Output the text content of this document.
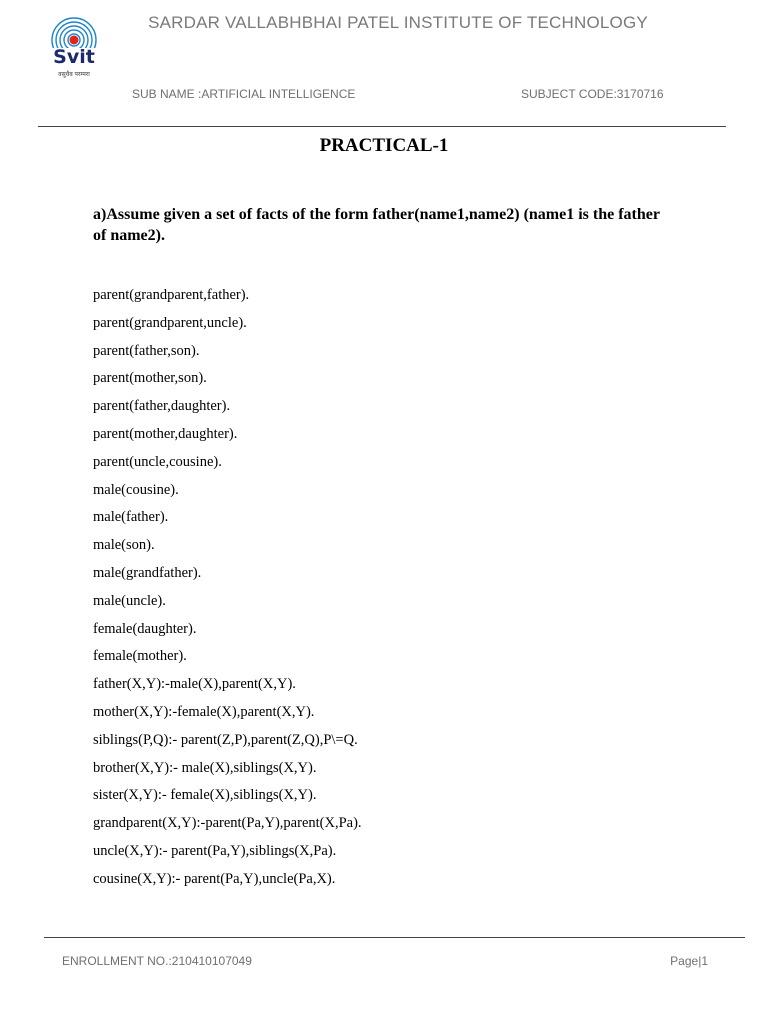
Svit
वसुधैव परम्परा
SARDAR VALLABHBHAI PATEL INSTITUTE OF TECHNOLOGY
SUB NAME :ARTIFICIAL INTELLIGENCE	SUBJECT CODE:3170716
PRACTICAL-1
a)Assume given a set of facts of the form father(name1,name2) (name1 is the father of name2).
parent(grandparent,father).
parent(grandparent,uncle).
parent(father,son).
parent(mother,son).
parent(father,daughter).
parent(mother,daughter).
parent(uncle,cousine).
male(cousine).
male(father).
male(son).
male(grandfather).
male(uncle).
female(daughter).
female(mother).
father(X,Y):-male(X),parent(X,Y).
mother(X,Y):-female(X),parent(X,Y).
siblings(P,Q):- parent(Z,P),parent(Z,Q),P\=Q.
brother(X,Y):- male(X),siblings(X,Y).
sister(X,Y):- female(X),siblings(X,Y).
grandparent(X,Y):-parent(Pa,Y),parent(X,Pa).
uncle(X,Y):- parent(Pa,Y),siblings(X,Pa).
cousine(X,Y):- parent(Pa,Y),uncle(Pa,X).
ENROLLMENT NO.:210410107049	Page|1
